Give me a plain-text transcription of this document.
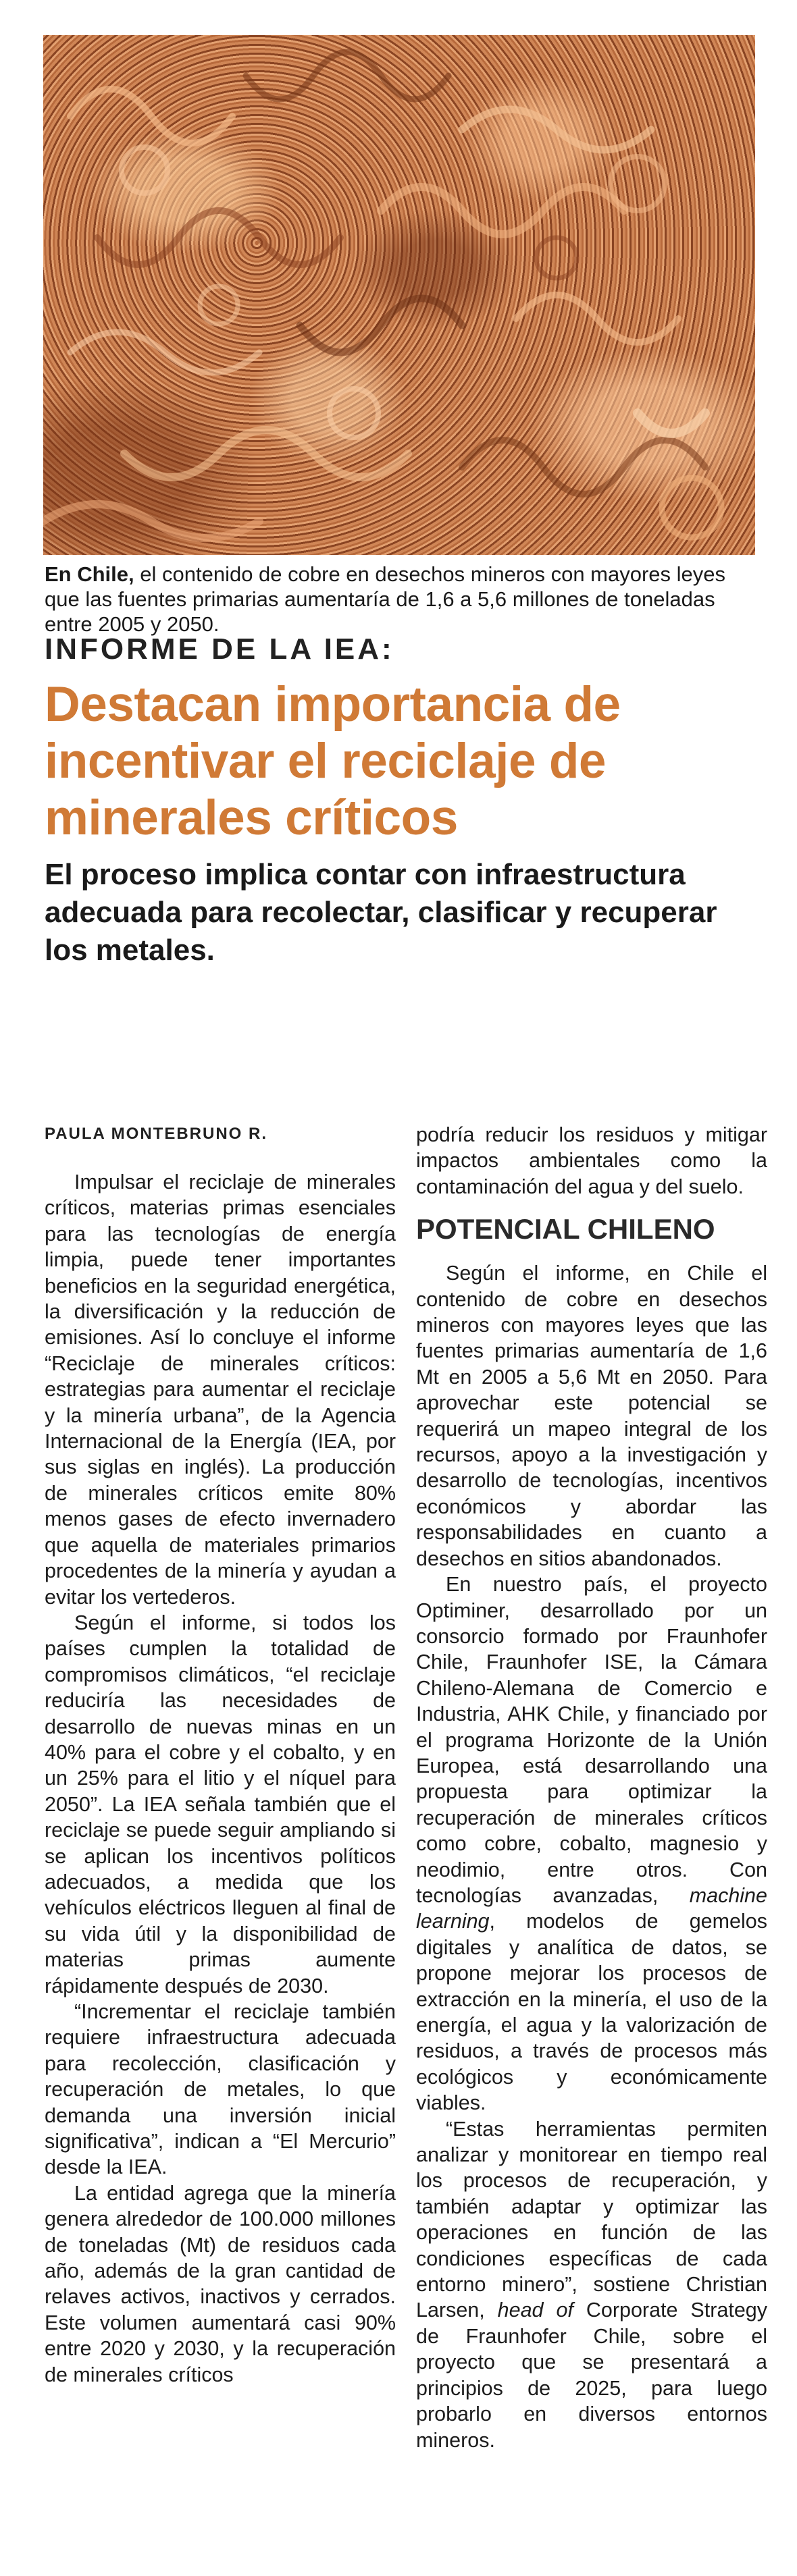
En Chile, el contenido de cobre en desechos mineros con mayores leyes que las fuentes primarias aumentaría de 1,6 a 5,6 millones de toneladas entre 2005 y 2050.
INFORME DE LA IEA:
Destacan importancia de incentivar el reciclaje de minerales críticos
El proceso implica contar con infraestructura adecuada para recolectar, clasificar y recuperar los metales.
PAULA MONTEBRUNO R.

Impulsar el reciclaje de minerales críticos, materias primas esenciales para las tecnologías de energía limpia, puede tener importantes beneficios en la seguridad energética, la diversificación y la reducción de emisiones. Así lo concluye el informe “Reciclaje de minerales críticos: estrategias para aumentar el reciclaje y la minería urbana”, de la Agencia Internacional de la Energía (IEA, por sus siglas en inglés). La producción de minerales críticos emite 80% menos gases de efecto invernadero que aquella de materiales primarios procedentes de la minería y ayudan a evitar los vertederos.

Según el informe, si todos los países cumplen la totalidad de compromisos climáticos, “el reciclaje reduciría las necesidades de desarrollo de nuevas minas en un 40% para el cobre y el cobalto, y en un 25% para el litio y el níquel para 2050”. La IEA señala también que el reciclaje se puede seguir ampliando si se aplican los incentivos políticos adecuados, a medida que los vehículos eléctricos lleguen al final de su vida útil y la disponibilidad de materias primas aumente rápidamente después de 2030.

“Incrementar el reciclaje también requiere infraestructura adecuada para recolección, clasificación y recuperación de metales, lo que demanda una inversión inicial significativa”, indican a “El Mercurio” desde la IEA.

La entidad agrega que la minería genera alrededor de 100.000 millones de toneladas (Mt) de residuos cada año, además de la gran cantidad de relaves activos, inactivos y cerrados. Este volumen aumentará casi 90% entre 2020 y 2030, y la recuperación de minerales críticos

podría reducir los residuos y mitigar impactos ambientales como la contaminación del agua y del suelo.

POTENCIAL CHILENO

Según el informe, en Chile el contenido de cobre en desechos mineros con mayores leyes que las fuentes primarias aumentaría de 1,6 Mt en 2005 a 5,6 Mt en 2050. Para aprovechar este potencial se requerirá un mapeo integral de los recursos, apoyo a la investigación y desarrollo de tecnologías, incentivos económicos y abordar las responsabilidades en cuanto a desechos en sitios abandonados.

En nuestro país, el proyecto Optiminer, desarrollado por un consorcio formado por Fraunhofer Chile, Fraunhofer ISE, la Cámara Chileno-Alemana de Comercio e Industria, AHK Chile, y financiado por el programa Horizonte de la Unión Europea, está desarrollando una propuesta para optimizar la recuperación de minerales críticos como cobre, cobalto, magnesio y neodimio, entre otros. Con tecnologías avanzadas, machine learning, modelos de gemelos digitales y analítica de datos, se propone mejorar los procesos de extracción en la minería, el uso de la energía, el agua y la valorización de residuos, a través de procesos más ecológicos y económicamente viables.

“Estas herramientas permiten analizar y monitorear en tiempo real los procesos de recuperación, y también adaptar y optimizar las operaciones en función de las condiciones específicas de cada entorno minero”, sostiene Christian Larsen, head of Corporate Strategy de Fraunhofer Chile, sobre el proyecto que se presentará a principios de 2025, para luego probarlo en diversos entornos mineros.
